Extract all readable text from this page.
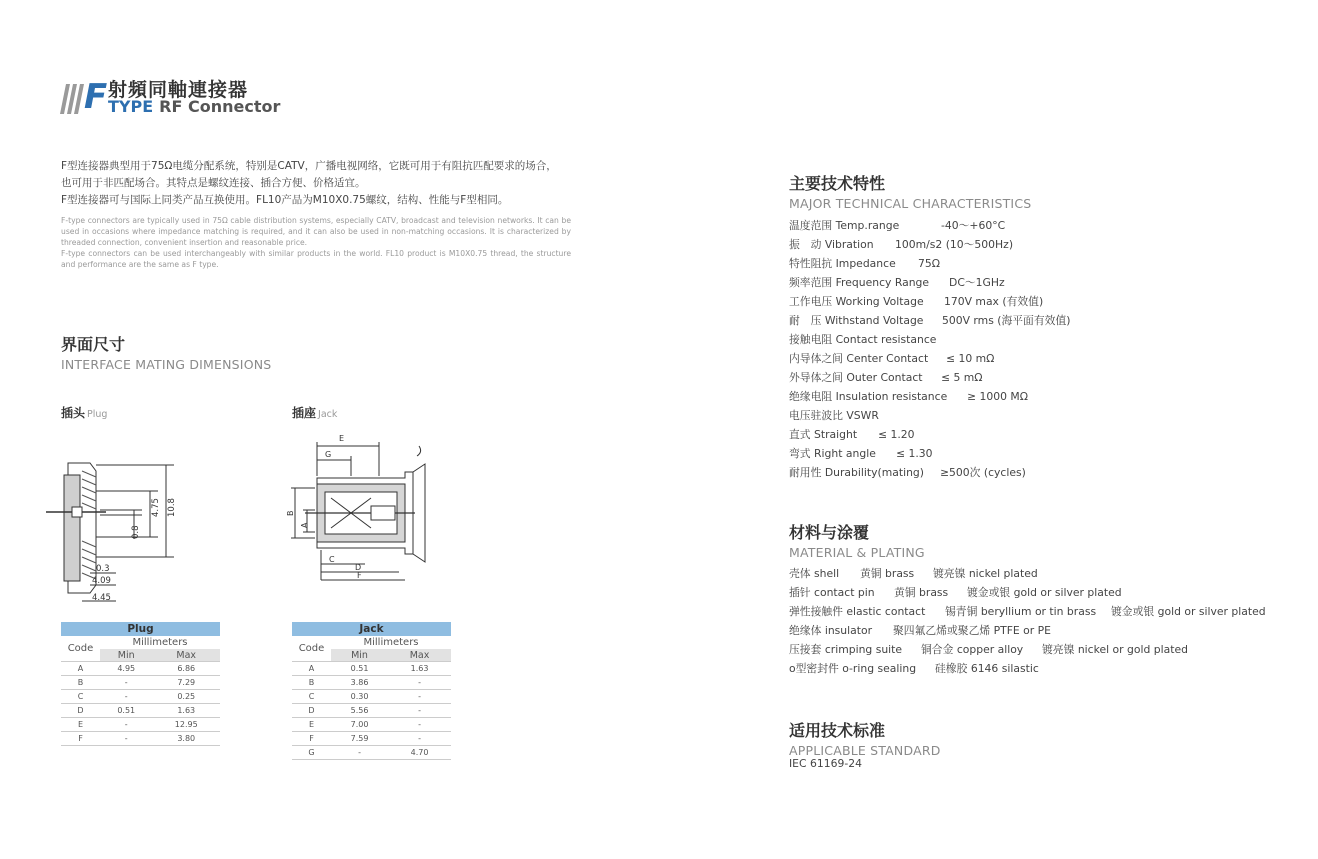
F 射頻同軸連接器
TYPE RF Connector
F型连接器典型用于75Ω电缆分配系统，特别是CATV，广播电视网络，它既可用于有阻抗匹配要求的场合，
也可用于非匹配场合。其特点是螺纹连接、插合方便、价格适宜。
F型连接器可与国际上同类产品互换使用。FL10产品为M10X0.75螺纹，结构、性能与F型相同。
F-type connectors are typically used in 75Ω cable distribution systems, especially CATV, broadcast and television networks. It can be used in occasions where impedance matching is required, and it can also be used in non-matching occasions. It is characterized by threaded connection, convenient insertion and reasonable price.
F-type connectors can be used interchangeably with similar products in the world. FL10 product is M10X0.75 thread, the structure and performance are the same as F type.
界面尺寸
INTERFACE MATING DIMENSIONS
插头 Plug	插座 Jack
4.75 10.8
0.8
0.3
4.09
4.45
E
G
B
A
C
D
F
Plug		
Code	Millimeters	
	Min	Max
A	4.95	6.86
B	-	7.29
C	-	0.25
D	0.51	1.63
E	-	12.95
F	-	3.80
Jack		
Code	Millimeters	
	Min	Max
A	0.51	1.63
B	3.86	-
C	0.30	-
D	5.56	-
E	7.00	-
F	7.59	-
G	-	4.70
主要技术特性
MAJOR TECHNICAL CHARACTERISTICS
温度范围 Temp.range	-40～+60°C
振　动 Vibration 100m/s2 (10～500Hz)
特性阻抗 Impedance 75Ω
频率范围 Frequency Range DC～1GHz
工作电压 Working Voltage 170V max (有效值)
耐　压 Withstand Voltage 500V rms (海平面有效值)
接触电阻 Contact resistance
内导体之间 Center Contact ≤ 10 mΩ
外导体之间 Outer Contact ≤ 5 mΩ
绝缘电阻 Insulation resistance ≥ 1000 MΩ
电压驻波比 VSWR
直式 Straight ≤ 1.20
弯式 Right angle ≤ 1.30
耐用性 Durability(mating) ≥500次 (cycles)
材料与涂覆
MATERIAL & PLATING
壳体 shell 黄铜 brass 镀亮镍 nickel plated
插针 contact pin 黄铜 brass 镀金或银 gold or silver plated
弹性接触件 elastic contact 锡青铜 beryllium or tin brass 镀金或银 gold or silver plated
绝缘体 insulator 聚四氟乙烯或聚乙烯 PTFE or PE
压接套 crimping suite 铜合金 copper alloy 镀亮镍 nickel or gold plated
o型密封件 o-ring sealing 硅橡胶 6146 silastic
适用技术标准
APPLICABLE STANDARD
IEC 61169-24
